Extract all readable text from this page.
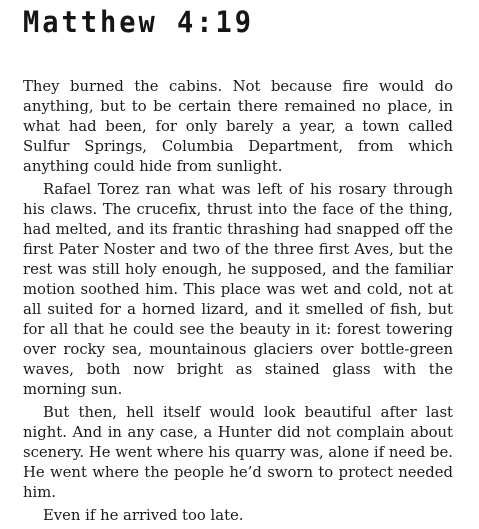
Matthew 4:19

They burned the cabins. Not because fire would do anything, but to be certain there remained no place, in what had been, for only barely a year, a town called Sulfur Springs, Columbia Department, from which anything could hide from sunlight.

Rafael Torez ran what was left of his rosary through his claws. The crucefix, thrust into the face of the thing, had melted, and its frantic thrashing had snapped off the first Pater Noster and two of the three first Aves, but the rest was still holy enough, he supposed, and the familiar motion soothed him. This place was wet and cold, not at all suited for a horned lizard, and it smelled of fish, but for all that he could see the beauty in it: forest towering over rocky sea, mountainous glaciers over bottle-green waves, both now bright as stained glass with the morning sun.

But then, hell itself would look beautiful after last night. And in any case, a Hunter did not complain about scenery. He went where his quarry was, alone if need be. He went where the people he’d sworn to protect needed him.

Even if he arrived too late.
